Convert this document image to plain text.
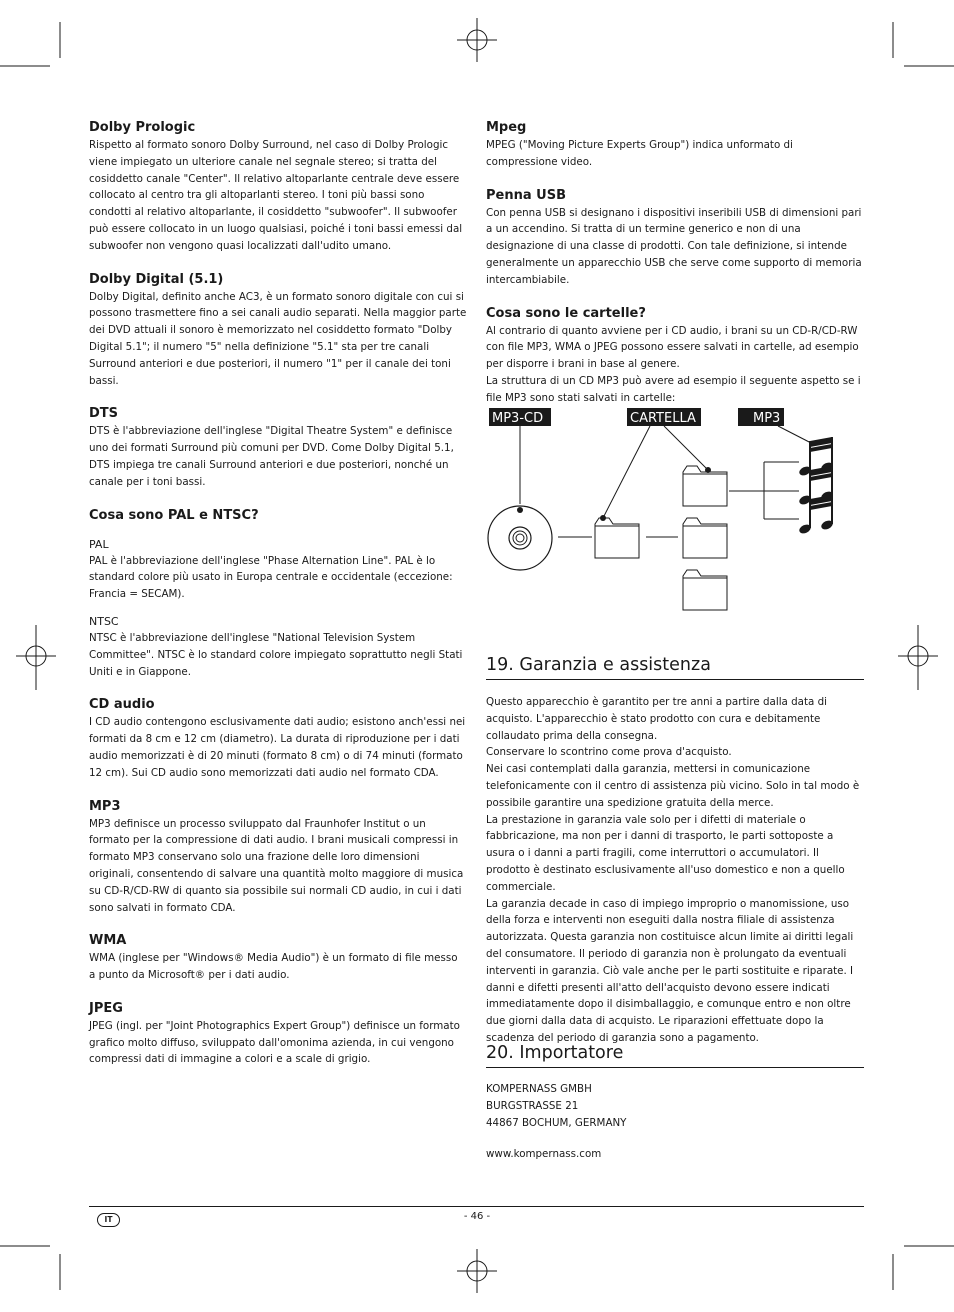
Dolby Prologic

Rispetto al formato sonoro Dolby Surround, nel caso di Dolby Prologic viene impiegato un ulteriore canale nel segnale stereo; si tratta del cosiddetto canale "Center". Il relativo altoparlante centrale deve essere collocato al centro tra gli altoparlanti stereo. I toni più bassi sono condotti al relativo altoparlante, il cosiddetto "subwoofer". Il subwoofer può essere collocato in un luogo qualsiasi, poiché i toni bassi emessi dal subwoofer non vengono quasi localizzati dall'udito umano.

Dolby Digital (5.1)

Dolby Digital, definito anche AC3, è un formato sonoro digitale con cui si possono trasmettere fino a sei canali audio separati. Nella maggior parte dei DVD attuali il sonoro è memorizzato nel cosiddetto formato "Dolby Digital 5.1"; il numero "5" nella definizione "5.1" sta per tre canali Surround anteriori e due posteriori, il numero "1" per il canale dei toni bassi.

DTS

DTS è l'abbreviazione dell'inglese "Digital Theatre System" e definisce uno dei formati Surround più comuni per DVD. Come Dolby Digital 5.1, DTS impiega tre canali Surround anteriori e due posteriori, nonché un canale per i toni bassi.

Cosa sono PAL e NTSC?
PAL

PAL è l'abbreviazione dell'inglese "Phase Alternation Line". PAL è lo standard colore più usato in Europa centrale e occidentale (eccezione: Francia = SECAM).

NTSC

NTSC è l'abbreviazione dell'inglese "National Television System Committee". NTSC è lo standard colore impiegato soprattutto negli Stati Uniti e in Giappone.

CD audio

I CD audio contengono esclusivamente dati audio; esistono anch'essi nei formati da 8 cm e 12 cm (diametro). La durata di riproduzione per i dati audio memorizzati è di 20 minuti (formato 8 cm) o di 74 minuti (formato 12 cm). Sui CD audio sono memorizzati dati audio nel formato CDA.

MP3

MP3 definisce un processo sviluppato dal Fraunhofer Institut o un formato per la compressione di dati audio. I brani musicali compressi in formato MP3 conservano solo una frazione delle loro dimensioni originali, consentendo di salvare una quantità molto maggiore di musica su CD-R/CD-RW di quanto sia possibile sui normali CD audio, in cui i dati sono salvati in formato CDA.

WMA

WMA (inglese per "Windows® Media Audio") è un formato di file messo a punto da Microsoft® per i dati audio.

JPEG

JPEG (ingl. per "Joint Photographics Expert Group") definisce un formato grafico molto diffuso, sviluppato dall'omonima azienda, in cui vengono compressi dati di immagine a colori e a scale di grigio.

Mpeg

MPEG ("Moving Picture Experts Group") indica unformato di compressione video.

Penna USB

Con penna USB si designano i dispositivi inseribili USB di dimensioni pari a un accendino. Si tratta di un termine generico e non di una designazione di una classe di prodotti. Con tale definizione, si intende generalmente un apparecchio USB che serve come supporto di memoria intercambiabile.

Cosa sono le cartelle?

Al contrario di quanto avviene per i CD audio, i brani su un CD-R/CD-RW con file MP3, WMA o JPEG possono essere salvati in cartelle, ad esempio per disporre i brani in base al genere.

La struttura di un CD MP3 può avere ad esempio il seguente aspetto se i file MP3 sono stati salvati in cartelle:

MP3-CD	CARTELLA	MP3
19. Garanzia e assistenza

Questo apparecchio è garantito per tre anni a partire dalla data di acquisto. L'apparecchio è stato prodotto con cura e debitamente collaudato prima della consegna.

Conservare lo scontrino come prova d'acquisto.

Nei casi contemplati dalla garanzia, mettersi in comunicazione telefonicamente con il centro di assistenza più vicino. Solo in tal modo è possibile garantire una spedizione gratuita della merce.

La prestazione in garanzia vale solo per i difetti di materiale o fabbricazione, ma non per i danni di trasporto, le parti sottoposte a usura o i danni a parti fragili, come interruttori o accumulatori. Il prodotto è destinato esclusivamente all'uso domestico e non a quello commerciale.

La garanzia decade in caso di impiego improprio o manomissione, uso della forza e interventi non eseguiti dalla nostra filiale di assistenza autorizzata. Questa garanzia non costituisce alcun limite ai diritti legali del consumatore. Il periodo di garanzia non è prolungato da eventuali interventi in garanzia. Ciò vale anche per le parti sostituite e riparate. I danni e difetti presenti all'atto dell'acquisto devono essere indicati immediatamente dopo il disimballaggio, e comunque entro e non oltre due giorni dalla data di acquisto. Le riparazioni effettuate dopo la scadenza del periodo di garanzia sono a pagamento.

20. Importatore

KOMPERNASS GMBH

BURGSTRASSE 21

44867 BOCHUM, GERMANY

www.kompernass.com

IT	- 46 -
